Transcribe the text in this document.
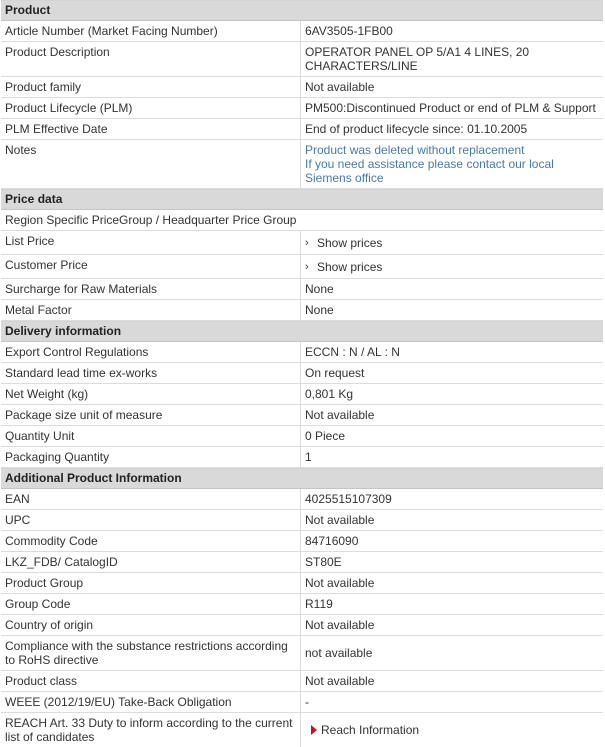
Product
Article Number (Market Facing Number)	6AV3505-1FB00
Product Description	OPERATOR PANEL OP 5/A1 4 LINES, 20 CHARACTERS/LINE
Product family	Not available
Product Lifecycle (PLM)	PM500:Discontinued Product or end of PLM & Support
PLM Effective Date	End of product lifecycle since: 01.10.2005
Notes	Product was deleted without replacement
If you need assistance please contact our local Siemens office
Price data
Region Specific PriceGroup / Headquarter Price Group
List Price	› Show prices
Customer Price	› Show prices
Surcharge for Raw Materials	None
Metal Factor	None
Delivery information
Export Control Regulations	ECCN : N / AL : N
Standard lead time ex-works	On request
Net Weight (kg)	0,801 Kg
Package size unit of measure	Not available
Quantity Unit	0 Piece
Packaging Quantity	1
Additional Product Information
EAN	4025515107309
UPC	Not available
Commodity Code	84716090
LKZ_FDB/ CatalogID	ST80E
Product Group	Not available
Group Code	R119
Country of origin	Not available
Compliance with the substance restrictions according to RoHS directive	not available
Product class	Not available
WEEE (2012/19/EU) Take-Back Obligation	-
REACH Art. 33 Duty to inform according to the current list of candidates	Reach Information
